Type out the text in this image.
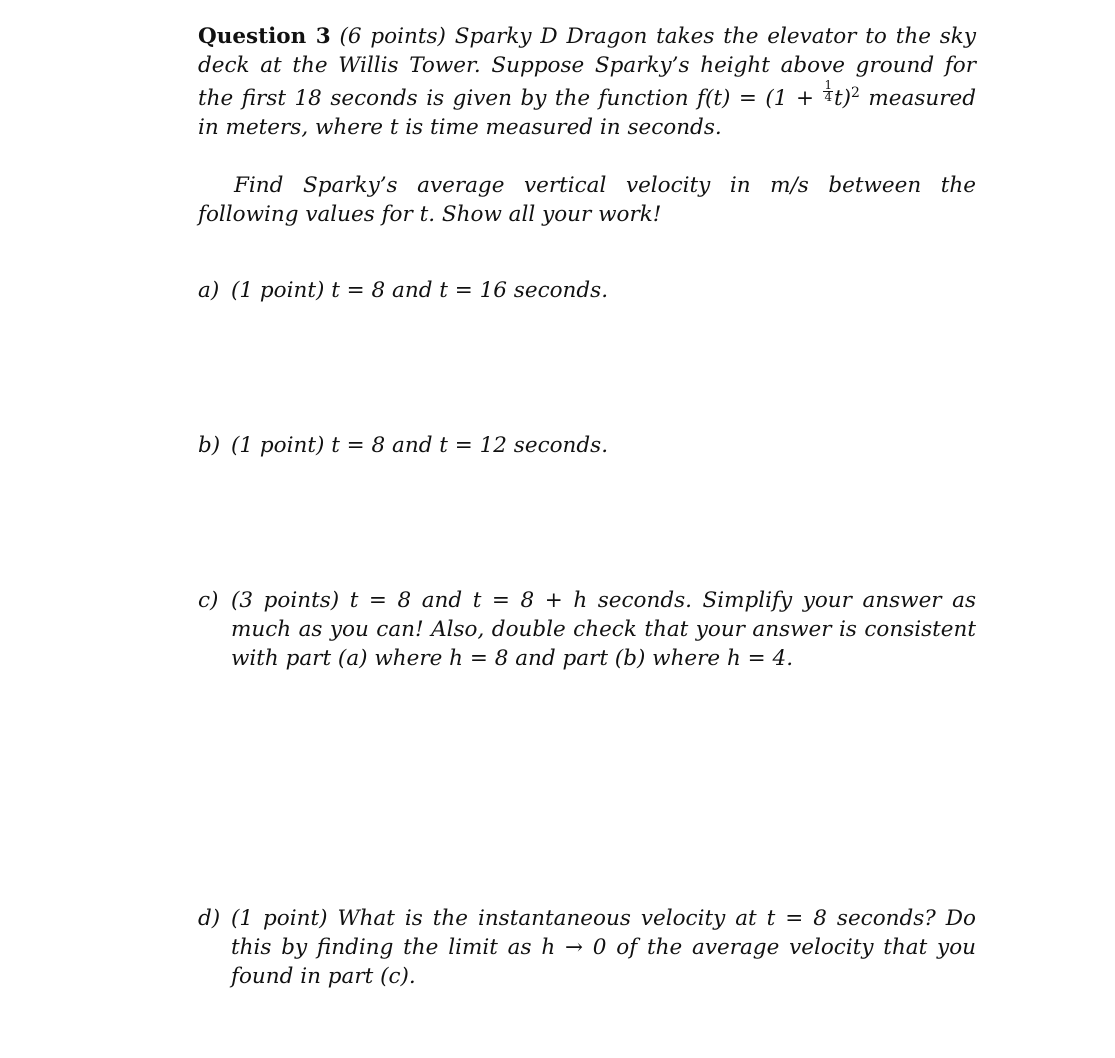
Question 3 (6 points) Sparky D Dragon takes the elevator to the sky deck at the Willis Tower. Suppose Sparky’s height above ground for the first 18 seconds is given by the function $f(t) = (1 + \frac{1}{4} t)^2$ measured in meters, where t is time measured in seconds.

Find Sparky’s average vertical velocity in m/s between the following values for t. Show all your work!

a) (1 point) t = 8 and t = 16 seconds.
b) (1 point) t = 8 and t = 12 seconds.
c) (3 points) t = 8 and t = 8 + h seconds. Simplify your answer as much as you can! Also, double check that your answer is consistent with part (a) where h = 8 and part (b) where h = 4.
d) (1 point) What is the instantaneous velocity at t = 8 seconds? Do this by finding the limit as h → 0 of the average velocity that you found in part (c).
